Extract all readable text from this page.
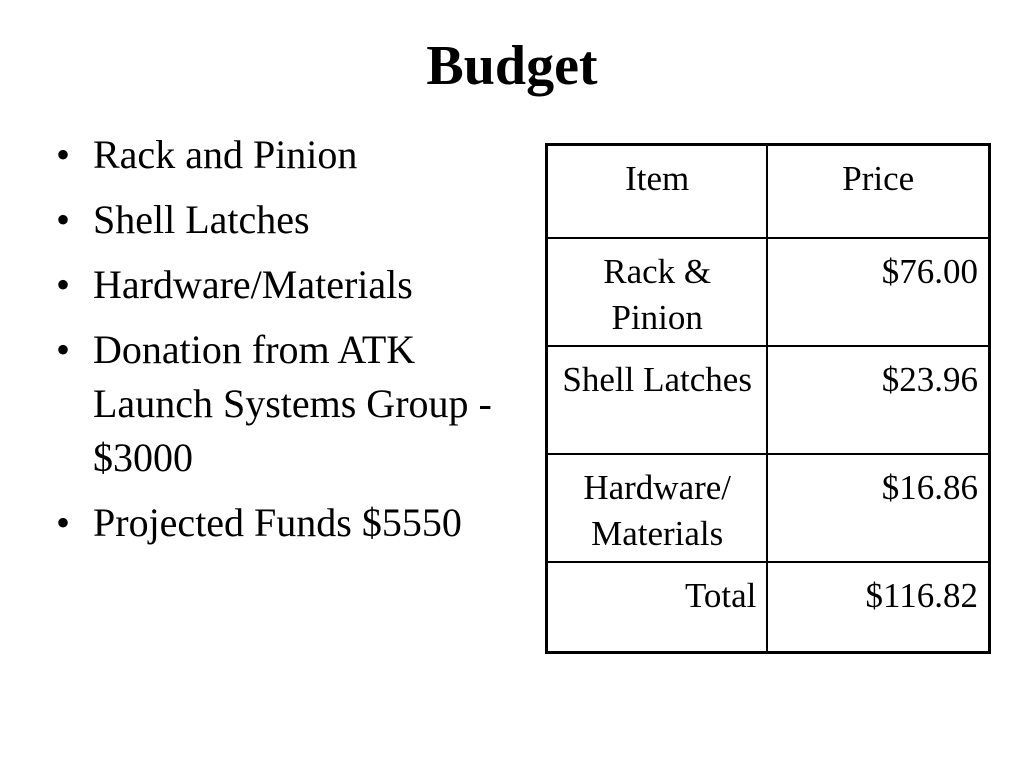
Budget
• Rack and Pinion
• Shell Latches
• Hardware/Materials
• Donation from ATK Launch Systems Group - $3000
• Projected Funds $5550
Item	Price
Rack & Pinion	$76.00
Shell Latches	$23.96
Hardware/ Materials	$16.86
Total	$116.82
